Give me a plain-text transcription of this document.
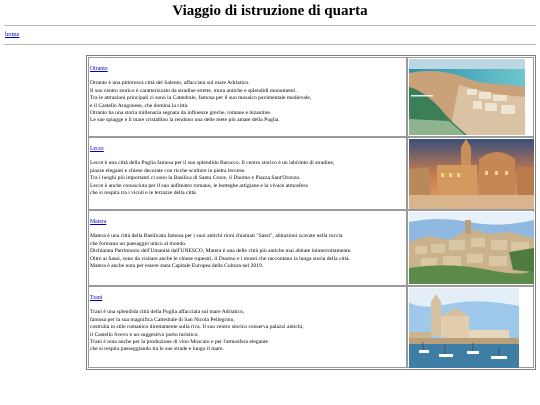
Viaggio di istruzione di quarta
home
Otranto
Otranto è una pittoresca città del Salento, affacciata sul mare Adriatico.
Il suo centro storico è caratterizzato da stradine strette, mura antiche e splendidi monumenti.
Tra le attrazioni principali ci sono la Cattedrale, famosa per il suo mosaico pavimentale medievale,
e il Castello Aragonese, che domina la città.
Otranto ha una storia millenaria segnata da influenze greche, romane e bizantine.
Le sue spiagge e il mare cristallino la rendono una delle mete più amate della Puglia.
Lecce
Lecce è una città della Puglia famosa per il suo splendido Barocco. Il centro storico è un labirinto di stradine,
piazze eleganti e chiese decorate con ricche sculture in pietra leccese.
Tra i luoghi più importanti ci sono la Basilica di Santa Croce, il Duomo e Piazza Sant'Oronzo.
Lecce è anche conosciuta per il suo anfiteatro romano, le botteghe artigiane e la vivace atmosfera
che si respira tra i vicoli e le terrazze della città.
Matera
Matera è una città della Basilicata famosa per i suoi antichi rioni chiamati "Sassi", abitazioni scavate nella roccia
che formano un paesaggio unico al mondo.
Dichiarata Patrimonio dell'Umanità dall'UNESCO, Matera è una delle città più antiche mai abitate ininterrottamente.
Oltre ai Sassi, sono da visitare anche le chiese rupestri, il Duomo e i musei che raccontano la lunga storia della città.
Matera è anche nota per essere stata Capitale Europea della Cultura nel 2019.
Trani
Trani è una splendida città della Puglia affacciata sul mare Adriatico,
famosa per la sua magnifica Cattedrale di San Nicola Pellegrino,
costruita in stile romanico direttamente sulla riva. Il suo centro storico conserva palazzi antichi,
il Castello Svevo e un suggestivo porto turistico.
Trani è nota anche per la produzione di vino Moscato e per l'atmosfera elegante
che si respira passeggiando tra le sue strade e lungo il mare.
